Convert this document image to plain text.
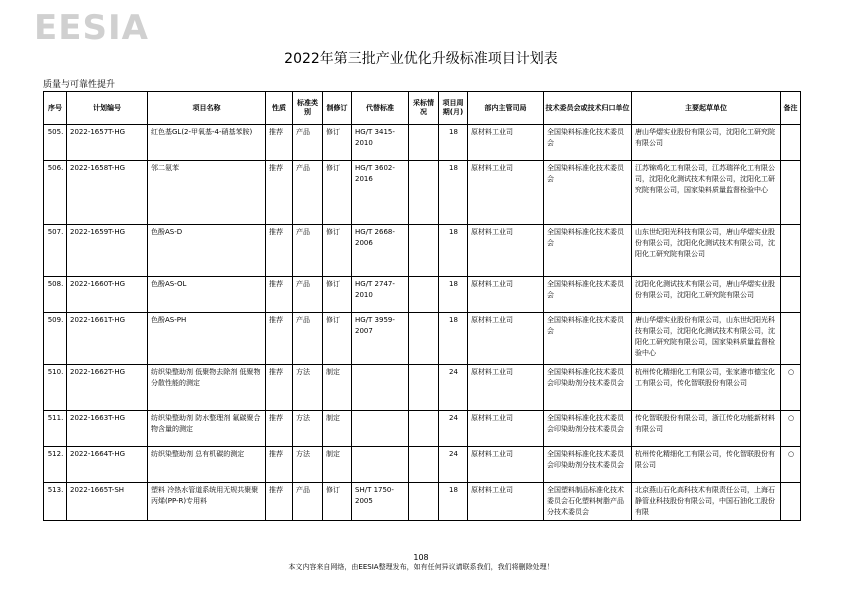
EESIA
2022年第三批产业优化升级标准项目计划表
质量与可靠性提升
序号	计划编号	项目名称	性质	标准类别	制修订	代替标准	采标情况	项目周期(月)	部内主管司局	技术委员会或技术归口单位	主要起草单位	备注
505.	2022-1657T-HG	红色基GL(2-甲氧基-4-硝基苯胺)	推荐	产品	修订	HG/T 3415-2010		18	原材料工业司	全国染料标准化技术委员会	唐山华熠实业股份有限公司，沈阳化工研究院有限公司	
506.	2022-1658T-HG	邻二氨苯	推荐	产品	修订	HG/T 3602-2016		18	原材料工业司	全国染料标准化技术委员会	江苏锦鸡化工有限公司，江苏瑞祥化工有限公司，沈阳化化测试技术有限公司，沈阳化工研究院有限公司，国家染料质量监督检验中心	
507.	2022-1659T-HG	色酚AS-D	推荐	产品	修订	HG/T 2668-2006		18	原材料工业司	全国染料标准化技术委员会	山东世纪阳光科技有限公司，唐山华熠实业股份有限公司，沈阳化化测试技术有限公司，沈阳化工研究院有限公司	
508.	2022-1660T-HG	色酚AS-OL	推荐	产品	修订	HG/T 2747-2010		18	原材料工业司	全国染料标准化技术委员会	沈阳化化测试技术有限公司，唐山华熠实业股份有限公司，沈阳化工研究院有限公司	
509.	2022-1661T-HG	色酚AS-PH	推荐	产品	修订	HG/T 3959-2007		18	原材料工业司	全国染料标准化技术委员会	唐山华熠实业股份有限公司，山东世纪阳光科技有限公司，沈阳化化测试技术有限公司，沈阳化工研究院有限公司，国家染料质量监督检验中心	
510.	2022-1662T-HG	纺织染整助剂 低聚物去除剂 低聚物分散性能的测定	推荐	方法	制定			24	原材料工业司	全国染料标准化技术委员会印染助剂分技术委员会	杭州传化精细化工有限公司，张家港市德宝化工有限公司，传化智联股份有限公司	○
511.	2022-1663T-HG	纺织染整助剂 防水整理剂 氟碳聚合物含量的测定	推荐	方法	制定			24	原材料工业司	全国染料标准化技术委员会印染助剂分技术委员会	传化智联股份有限公司，浙江传化功能新材料有限公司	○
512.	2022-1664T-HG	纺织染整助剂 总有机碳的测定	推荐	方法	制定			24	原材料工业司	全国染料标准化技术委员会印染助剂分技术委员会	杭州传化精细化工有限公司，传化智联股份有限公司	○
513.	2022-1665T-SH	塑料 冷热水管道系统用无规共聚聚丙烯(PP-R)专用料	推荐	产品	修订	SH/T 1750-2005		18	原材料工业司	全国塑料制品标准化技术委员会石化塑料树脂产品分技术委员会	北京燕山石化高科技术有限责任公司，上海石静管业科技股份有限公司，中国石油化工股份有限	
108
本文内容来自网络，由EESIA整理发布，如有任何异议请联系我们，我们将删除处理！
